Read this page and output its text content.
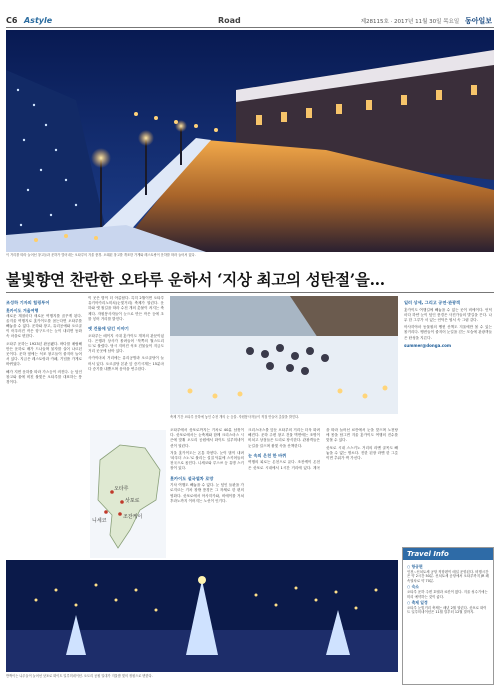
C6 Astyle	Road	제28115호 · 2017년 11월 30일 목요일 동아일보
이 거리를 따라 늘어선 창고들과 운하가 빚어내는 오타루의 겨울 풍경. 오래된 창고를 개조한 가게와 레스토랑이 운하를 따라 늘어서 있다.
불빛향연 찬란한 오타루 운하서 ‘지상 최고의 성탄절’을…
조성하 기자의 힐링투어
홋카이도 겨울여행

새로운 계절마다 새로운 여행지를 꿈꾸게 된다. 올겨울 여행지로 홋카이도를 꼽는다면 오타루를 빼놓을 수 없다. 운하와 창고, 유리공예와 오르골이 어우러진 작은 항구도시는 눈이 내리면 동화 속 마을로 변한다.

오타루 운하는 1923년 완공됐다. 바다를 매립해 만든 운하로 배가 드나들며 물자를 실어 나르던 곳이다. 운하 옆에는 석조 창고들이 줄지어 늘어서 있다. 지금은 레스토랑과 카페, 기념품 가게로 바뀌었다.

해가 지면 운하를 따라 가스등이 켜진다. 눈 덮인 창고와 물에 비친 불빛은 오타루를 대표하는 풍경이다.

이 곳은 밤이 더 아름답다. 특히 2월이면 오타루 유키아카리노미치(눈빛거리) 축제가 열린다. 운하와 옛 철길을 따라 수천 개의 촛불이 켜지는 축제다. 자원봉사자들이 눈으로 만든 작은 등에 초를 넣어 거리를 밝힌다.

옛 건물에 담긴 이야기

오타루는 메이지 시대 홋카이도 개척의 관문이었다. 은행과 상사가 몰려들어 ‘북쪽의 월스트리트’로 불렸다. 당시 지어진 석조 건물들이 지금도 거리 곳곳에 남아 있다.

사카이마치 거리에는 유리공방과 오르골당이 늘어서 있다. 오르골당 본관 앞 증기시계는 15분마다 증기를 내뿜으며 음악을 연주한다.

오타루
삿포로
니세코
조잔케이
축제 기간 오타루 운하에 놓인 수천 개의 눈 등불. 자원봉사자들이 직접 만들어 촛불을 밝힌다.

오타루에서 삿포로까지는 기차로 40분 남짓이다. 삿포로에서는 눈축제와 함께 크리스마스 시즌에 맞춰 오도리 공원에서 화이트 일루미네이션이 열린다.

겨울 홋카이도는 온통 하얗다. 눈이 많이 내려 ‘파우더 스노’로 불리는 설질 덕분에 스키어들의 천국으로 꼽힌다. 니세코와 루스쓰 등 유명 스키장이 있다.

홋카이도 설국열차 로망

기차 여행도 빼놓을 수 없다. 눈 덮인 들판을 가로지르는 기차 창밖 풍경은 그 자체로 한 편의 영화다. 삿포로에서 아사히카와, 비에이를 거쳐 후라노까지 이어지는 노선이 인기다.

크리스마스를 앞둔 오타루의 거리는 더욱 화려해진다. 운하 주변 창고 건물 벽면에는 조명이 비치고 상점들은 트리로 장식한다. 관광객들은 눈길을 걸으며 불빛 속을 산책한다.

눈 속의 온천 한 바퀴

여행의 피로는 온천으로 푼다. 조잔케이 온천은 삿포로 시내에서 1시간 거리에 있다. 계곡을 따라 늘어선 료칸에서 눈을 맞으며 노천탕에 몸을 담그면 겨울 홋카이도 여행의 진수를 맛볼 수 있다.

삿포로 시내 스스키노 거리의 라멘 골목도 빼놓을 수 없는 명소다. 진한 된장 라멘 한 그릇이면 추위가 싹 가신다.

일러 상세, 그리고 공연·관광객

홋카이도 여행길에 빼놓을 수 없는 곳이 비에이다. 언덕마다 하얀 눈이 덮인 풍경은 사진가들의 발길을 끈다. 나무 한 그루가 서 있는 언덕은 엽서 속 그림 같다.

아사히야마 동물원의 펭귄 산책도 겨울에만 볼 수 있는 볼거리다. 펭귄들이 줄지어 눈길을 걷는 모습에 관광객들은 탄성을 지른다.

summer@donga.com
반짝이는 나무들이 늘어선 삿포로 화이트 일루미네이션. 오도리 공원 일대가 겨울밤 빛의 정원으로 변한다.
Travel Info
○ 항공편
인천∼신치토세 공항 직항편이 매일 운항된다. 비행시간은 약 2시간 50분. 신치토세 공항에서 오타루까지 JR 쾌속열차로 약 70분.
○ 숙소
오타루 운하 주변 호텔과 료칸이 많다. 겨울 성수기에는 미리 예약하는 것이 좋다.
○ 축제 일정
오타루 눈빛거리 축제는 매년 2월 열린다. 삿포로 화이트 일루미네이션은 11월 말부터 12월 말까지.
